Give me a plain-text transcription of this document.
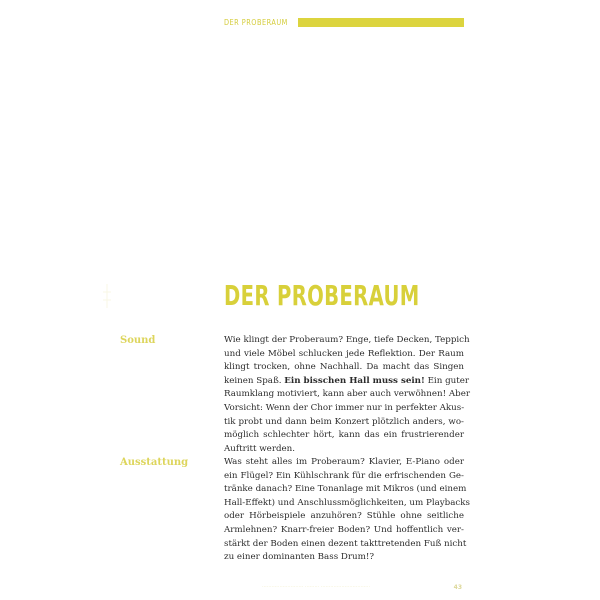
DER PROBERAUM
DER PROBERAUM
Sound	Wie klingt der Proberaum? Enge, tiefe Decken, Teppich
und viele Möbel schlucken jede Reflektion. Der Raum
klingt trocken, ohne Nachhall. Da macht das Singen
keinen Spaß. Ein bisschen Hall muss sein! Ein guter
Raumklang motiviert, kann aber auch verwöhnen! Aber
Vorsicht: Wenn der Chor immer nur in perfekter Akus-
tik probt und dann beim Konzert plötzlich anders, wo-
möglich schlechter hört, kann das ein frustrierender
Auftritt werden.
Ausstattung	Was steht alles im Proberaum? Klavier, E-Piano oder
ein Flügel? Ein Kühlschrank für die erfrischenden Ge-
tränke danach? Eine Tonanlage mit Mikros (und einem
Hall-Effekt) und Anschlussmöglichkeiten, um Playbacks
oder Hörbeispiele anzuhören? Stühle ohne seitliche
Armlehnen? Knarr-freier Boden? Und hoffentlich ver-
stärkt der Boden einen dezent takttretenden Fuß nicht
zu einer dominanten Bass Drum!?
·························· ········· ·······························	43
